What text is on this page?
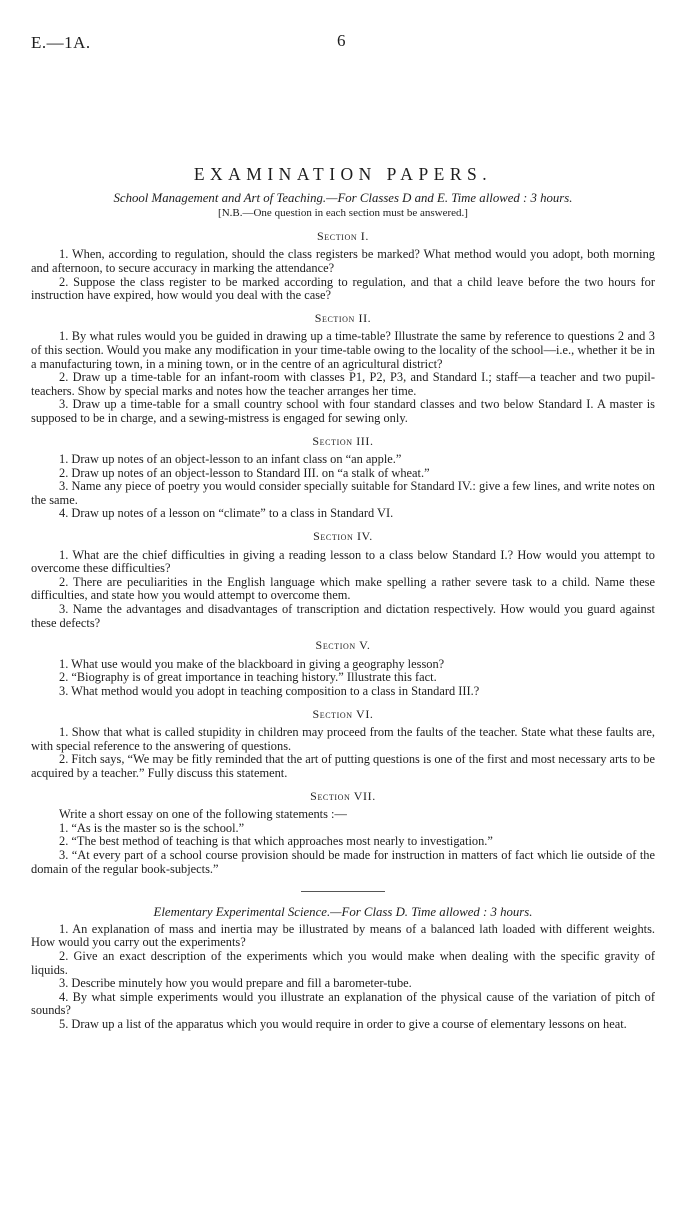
E.—1A.	6
EXAMINATION PAPERS.
School Management and Art of Teaching.—For Classes D and E. Time allowed : 3 hours.
[N.B.—One question in each section must be answered.]
Section I.

1. When, according to regulation, should the class registers be marked? What method would you adopt, both morning and afternoon, to secure accuracy in marking the attendance?

2. Suppose the class register to be marked according to regulation, and that a child leave before the two hours for instruction have expired, how would you deal with the case?

Section II.

1. By what rules would you be guided in drawing up a time-table? Illustrate the same by reference to questions 2 and 3 of this section. Would you make any modification in your time-table owing to the locality of the school—i.e., whether it be in a manufacturing town, in a mining town, or in the centre of an agricultural district?

2. Draw up a time-table for an infant-room with classes P1, P2, P3, and Standard I.; staff—a teacher and two pupil-teachers. Show by special marks and notes how the teacher arranges her time.

3. Draw up a time-table for a small country school with four standard classes and two below Standard I. A master is supposed to be in charge, and a sewing-mistress is engaged for sewing only.

Section III.

1. Draw up notes of an object-lesson to an infant class on “an apple.”

2. Draw up notes of an object-lesson to Standard III. on “a stalk of wheat.”

3. Name any piece of poetry you would consider specially suitable for Standard IV.: give a few lines, and write notes on the same.

4. Draw up notes of a lesson on “climate” to a class in Standard VI.

Section IV.

1. What are the chief difficulties in giving a reading lesson to a class below Standard I.? How would you attempt to overcome these difficulties?

2. There are peculiarities in the English language which make spelling a rather severe task to a child. Name these difficulties, and state how you would attempt to overcome them.

3. Name the advantages and disadvantages of transcription and dictation respectively. How would you guard against these defects?

Section V.

1. What use would you make of the blackboard in giving a geography lesson?

2. “Biography is of great importance in teaching history.” Illustrate this fact.

3. What method would you adopt in teaching composition to a class in Standard III.?

Section VI.

1. Show that what is called stupidity in children may proceed from the faults of the teacher. State what these faults are, with special reference to the answering of questions.

2. Fitch says, “We may be fitly reminded that the art of putting questions is one of the first and most necessary arts to be acquired by a teacher.” Fully discuss this statement.

Section VII.

Write a short essay on one of the following statements :—

1. “As is the master so is the school.”

2. “The best method of teaching is that which approaches most nearly to investigation.”

3. “At every part of a school course provision should be made for instruction in matters of fact which lie outside of the domain of the regular book-subjects.”

Elementary Experimental Science.—For Class D. Time allowed : 3 hours.

1. An explanation of mass and inertia may be illustrated by means of a balanced lath loaded with different weights. How would you carry out the experiments?

2. Give an exact description of the experiments which you would make when dealing with the specific gravity of liquids.

3. Describe minutely how you would prepare and fill a barometer-tube.

4. By what simple experiments would you illustrate an explanation of the physical cause of the variation of pitch of sounds?

5. Draw up a list of the apparatus which you would require in order to give a course of elementary lessons on heat.
